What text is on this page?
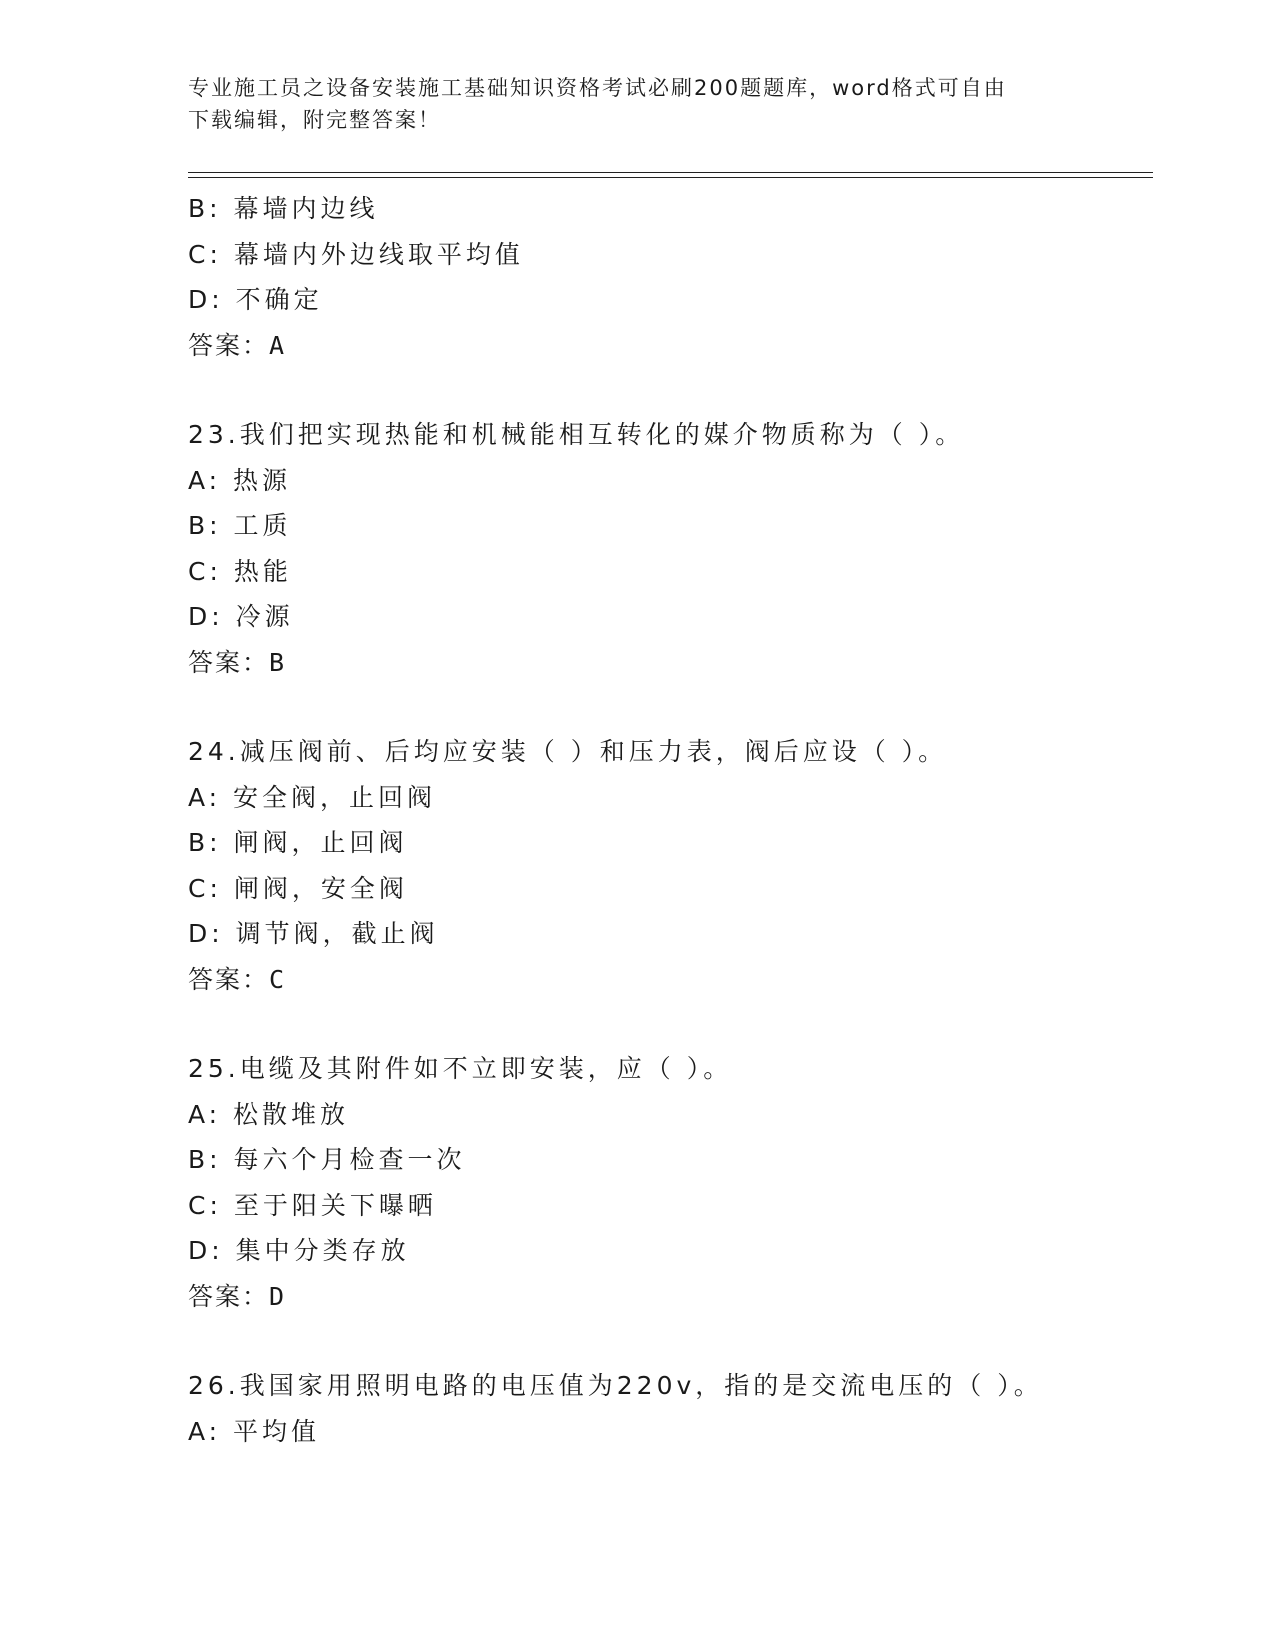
专业施工员之设备安装施工基础知识资格考试必刷200题题库，word格式可自由
下载编辑，附完整答案！
B: 幕墙内边线
C: 幕墙内外边线取平均值
D: 不确定
答案：A
23.我们把实现热能和机械能相互转化的媒介物质称为（ ）。
A: 热源
B: 工质
C: 热能
D: 冷源
答案：B
24.减压阀前、后均应安装（ ）和压力表，阀后应设（ ）。
A: 安全阀，止回阀
B: 闸阀，止回阀
C: 闸阀，安全阀
D: 调节阀，截止阀
答案：C
25.电缆及其附件如不立即安装，应（ ）。
A: 松散堆放
B: 每六个月检查一次
C: 至于阳关下曝晒
D: 集中分类存放
答案：D
26.我国家用照明电路的电压值为220v，指的是交流电压的（ ）。
A: 平均值
